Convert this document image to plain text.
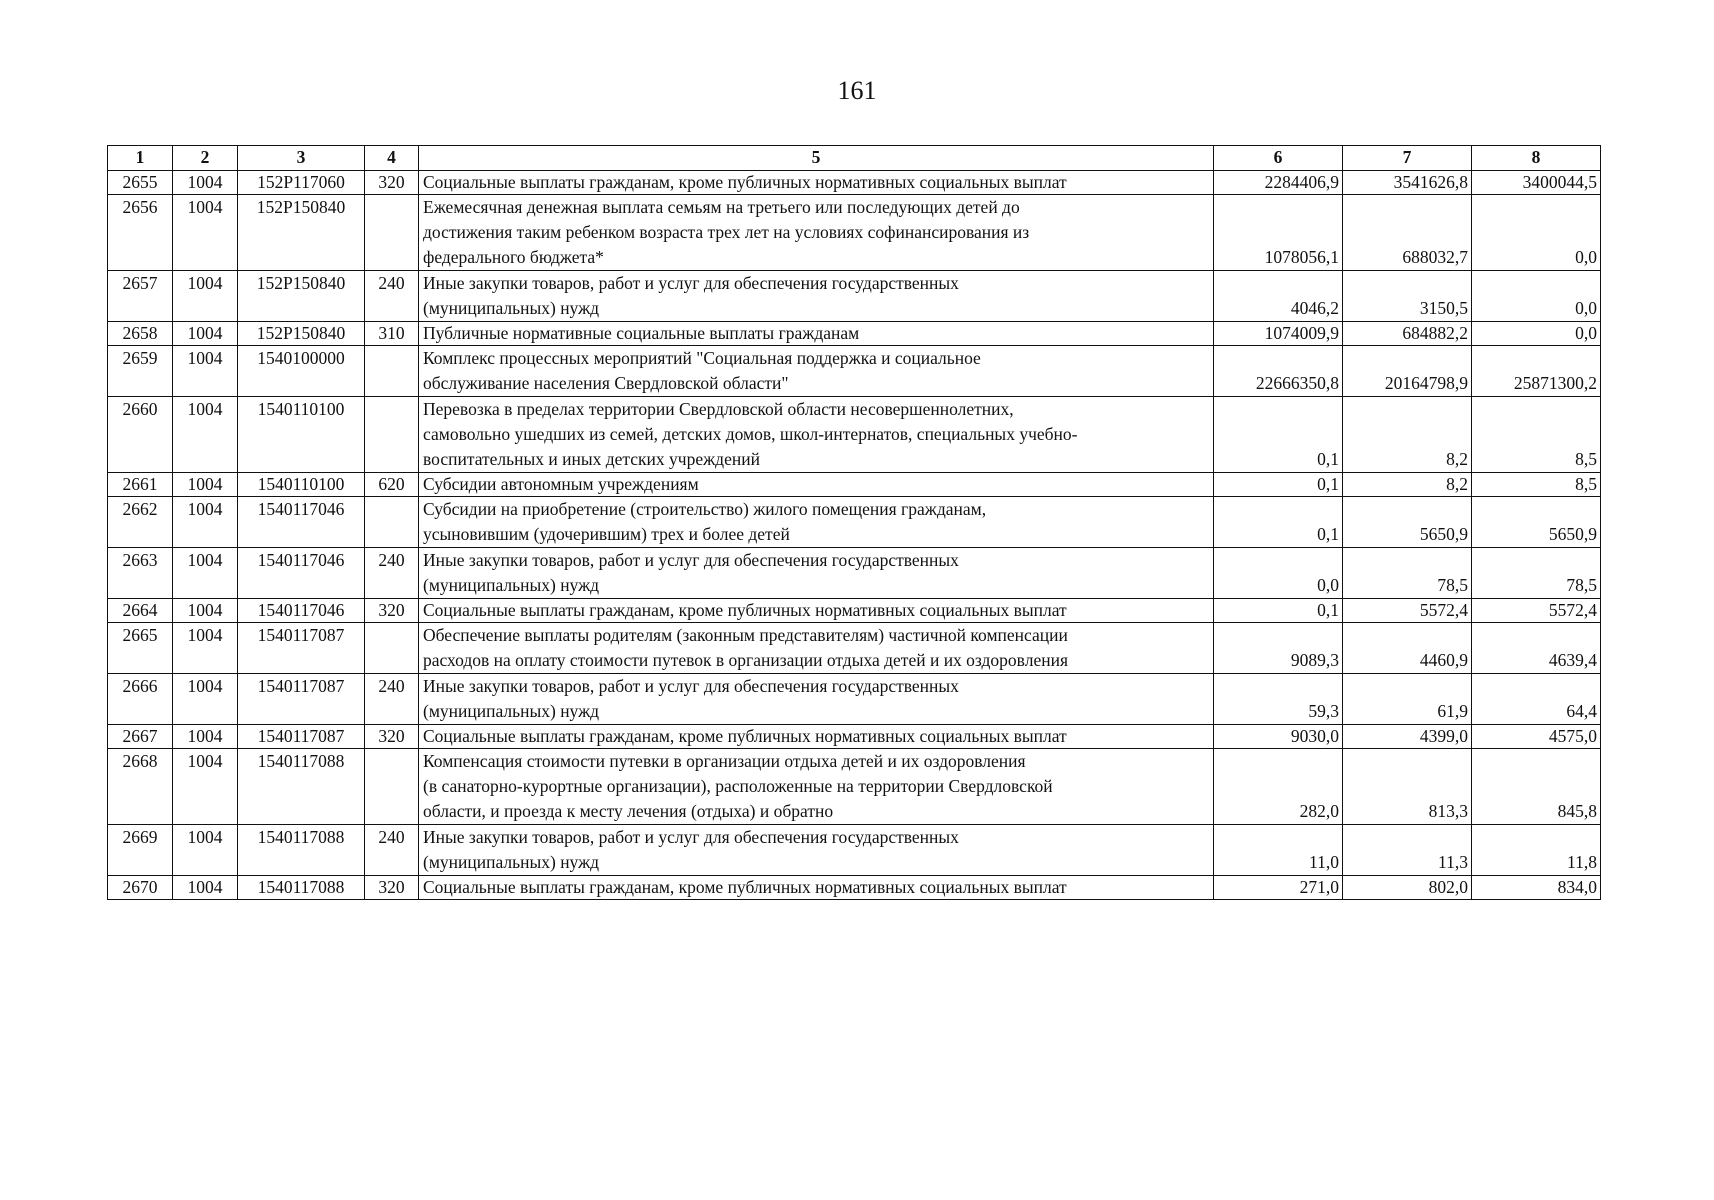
161
1	2	3	4	5	6	7	8
2655	1004	152P117060	320	Социальные выплаты гражданам, кроме публичных нормативных социальных выплат	2284406,9	3541626,8	3400044,5
2656	1004	152P150840		Ежемесячная денежная выплата семьям на третьего или последующих детей до
достижения таким ребенком возраста трех лет на условиях софинансирования из
федерального бюджета*	1078056,1	688032,7	0,0
2657	1004	152P150840	240	Иные закупки товаров, работ и услуг для обеспечения государственных
(муниципальных) нужд	4046,2	3150,5	0,0
2658	1004	152P150840	310	Публичные нормативные социальные выплаты гражданам	1074009,9	684882,2	0,0
2659	1004	1540100000		Комплекс процессных мероприятий "Социальная поддержка и социальное
обслуживание населения Свердловской области"	22666350,8	20164798,9	25871300,2
2660	1004	1540110100		Перевозка в пределах территории Свердловской области несовершеннолетних,
самовольно ушедших из семей, детских домов, школ-интернатов, специальных учебно-
воспитательных и иных детских учреждений	0,1	8,2	8,5
2661	1004	1540110100	620	Субсидии автономным учреждениям	0,1	8,2	8,5
2662	1004	1540117046		Субсидии на приобретение (строительство) жилого помещения гражданам,
усыновившим (удочерившим) трех и более детей	0,1	5650,9	5650,9
2663	1004	1540117046	240	Иные закупки товаров, работ и услуг для обеспечения государственных
(муниципальных) нужд	0,0	78,5	78,5
2664	1004	1540117046	320	Социальные выплаты гражданам, кроме публичных нормативных социальных выплат	0,1	5572,4	5572,4
2665	1004	1540117087		Обеспечение выплаты родителям (законным представителям) частичной компенсации
расходов на оплату стоимости путевок в организации отдыха детей и их оздоровления	9089,3	4460,9	4639,4
2666	1004	1540117087	240	Иные закупки товаров, работ и услуг для обеспечения государственных
(муниципальных) нужд	59,3	61,9	64,4
2667	1004	1540117087	320	Социальные выплаты гражданам, кроме публичных нормативных социальных выплат	9030,0	4399,0	4575,0
2668	1004	1540117088		Компенсация стоимости путевки в организации отдыха детей и их оздоровления
(в санаторно-курортные организации), расположенные на территории Свердловской
области, и проезда к месту лечения (отдыха) и обратно	282,0	813,3	845,8
2669	1004	1540117088	240	Иные закупки товаров, работ и услуг для обеспечения государственных
(муниципальных) нужд	11,0	11,3	11,8
2670	1004	1540117088	320	Социальные выплаты гражданам, кроме публичных нормативных социальных выплат	271,0	802,0	834,0
